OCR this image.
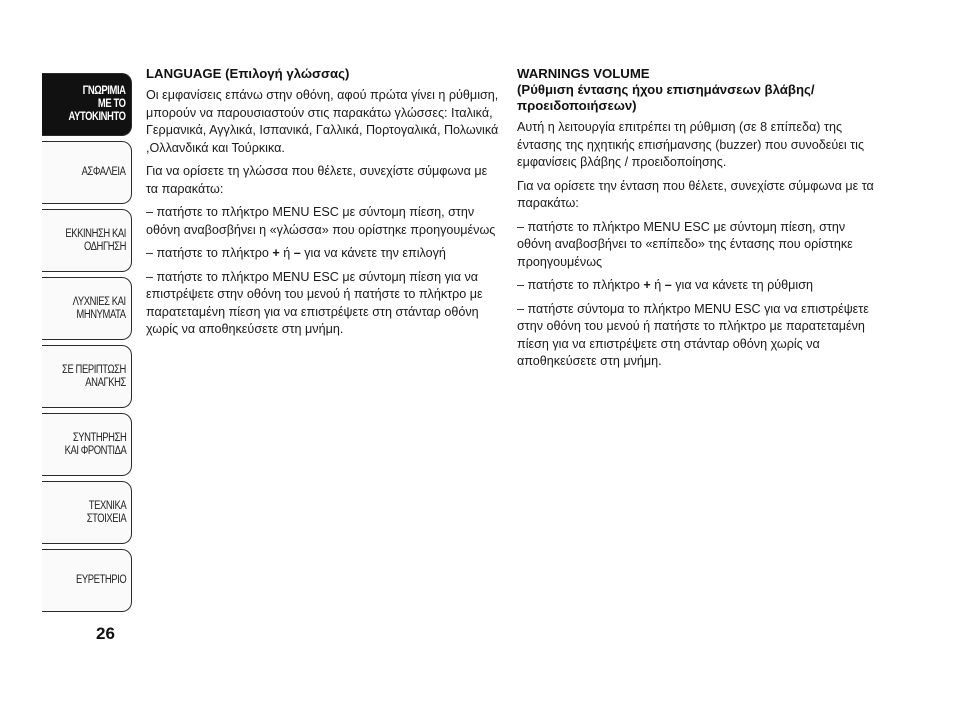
ΓΝΩΡΙΜΙΑ
ΜΕ ΤΟ
ΑΥΤΟΚΙΝΗΤΟ
ΑΣΦΑΛΕΙΑ
ΕΚΚΙΝΗΣΗ ΚΑΙ
ΟΔΗΓΗΣΗ
ΛΥΧΝΙΕΣ ΚΑΙ
ΜΗΝΥΜΑΤΑ
ΣΕ ΠΕΡΙΠΤΩΣΗ
ΑΝΑΓΚΗΣ
ΣΥΝΤΗΡΗΣΗ
ΚΑΙ ΦΡΟΝΤΙΔΑ
ΤΕΧΝΙΚΑ
ΣΤΟΙΧΕΙΑ
ΕΥΡΕΤΗΡΙΟ
26
LANGUAGE (Επιλογή γλώσσας)

Οι εμφανίσεις επάνω στην οθόνη, αφού πρώτα γίνει η ρύθμιση, μπορούν να παρουσιαστούν στις παρακάτω γλώσσες: Ιταλικά, Γερμανικά, Αγγλικά, Ισπανικά, Γαλλικά, Πορτογαλικά, Πολωνικά ,Ολλανδικά και Τούρκικα.

Για να ορίσετε τη γλώσσα που θέλετε, συνεχίστε σύμφωνα με τα παρακάτω:

– πατήστε το πλήκτρο MENU ESC με σύντομη πίεση, στην οθόνη αναβοσβήνει η «γλώσσα» που ορίστηκε προηγουμένως

– πατήστε το πλήκτρο + ή – για να κάνετε την επιλογή

– πατήστε το πλήκτρο MENU ESC με σύντομη πίεση για να επιστρέψετε στην οθόνη του μενού ή πατήστε το πλήκτρο με παρατεταμένη πίεση για να επιστρέψετε στη στάνταρ οθόνη χωρίς να αποθηκεύσετε στη μνήμη.

WARNINGS VOLUME
(Ρύθμιση έντασης ήχου επισημάνσεων βλάβης/προειδοποιήσεων)

Αυτή η λειτουργία επιτρέπει τη ρύθμιση (σε 8 επίπεδα) της έντασης της ηχητικής επισήμανσης (buzzer) που συνοδεύει τις εμφανίσεις βλάβης / προειδοποίησης.

Για να ορίσετε την ένταση που θέλετε, συνεχίστε σύμφωνα με τα παρακάτω:

– πατήστε το πλήκτρο MENU ESC με σύντομη πίεση, στην οθόνη αναβοσβήνει το «επίπεδο» της έντασης που ορίστηκε προηγουμένως

– πατήστε το πλήκτρο + ή – για να κάνετε τη ρύθμιση

– πατήστε σύντομα το πλήκτρο MENU ESC για να επιστρέψετε στην οθόνη του μενού ή πατήστε το πλήκτρο με παρατεταμένη πίεση για να επιστρέψετε στη στάνταρ οθόνη χωρίς να αποθηκεύσετε στη μνήμη.
